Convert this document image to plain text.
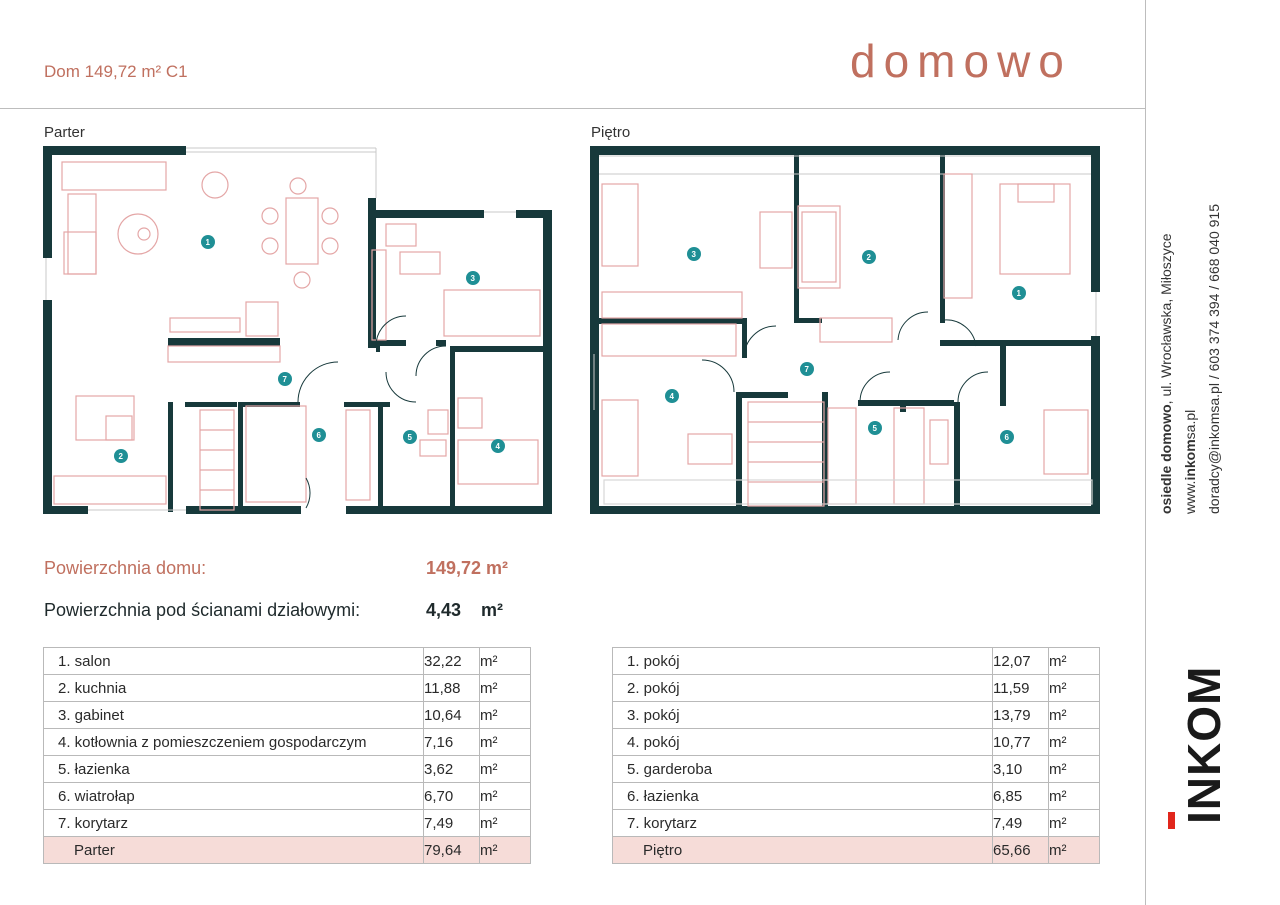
Dom 149,72 m² C1	domowo
Parter	Piętro
1
2
3
4
5
6
7
1
2
3
4
5
6
7
Powierzchnia domu:	149,72 m²
Powierzchnia pod ścianami działowymi:	4,43 m²
1. salon	32,22	m²
2. kuchnia	11,88	m²
3. gabinet	10,64	m²
4. kotłownia z pomieszczeniem gospodarczym	7,16	m²
5. łazienka	3,62	m²
6. wiatrołap	6,70	m²
7. korytarz	7,49	m²
Parter	79,64	m²
1. pokój	12,07	m²
2. pokój	11,59	m²
3. pokój	13,79	m²
4. pokój	10,77	m²
5. garderoba	3,10	m²
6. łazienka	6,85	m²
7. korytarz	7,49	m²
Piętro	65,66	m²
osiedle domowo, ul. Wrocławska, Miłoszyce
www.inkomsa.pl doradcy@inkomsa.pl / 603 374 394 / 668 040 915
INKOM
